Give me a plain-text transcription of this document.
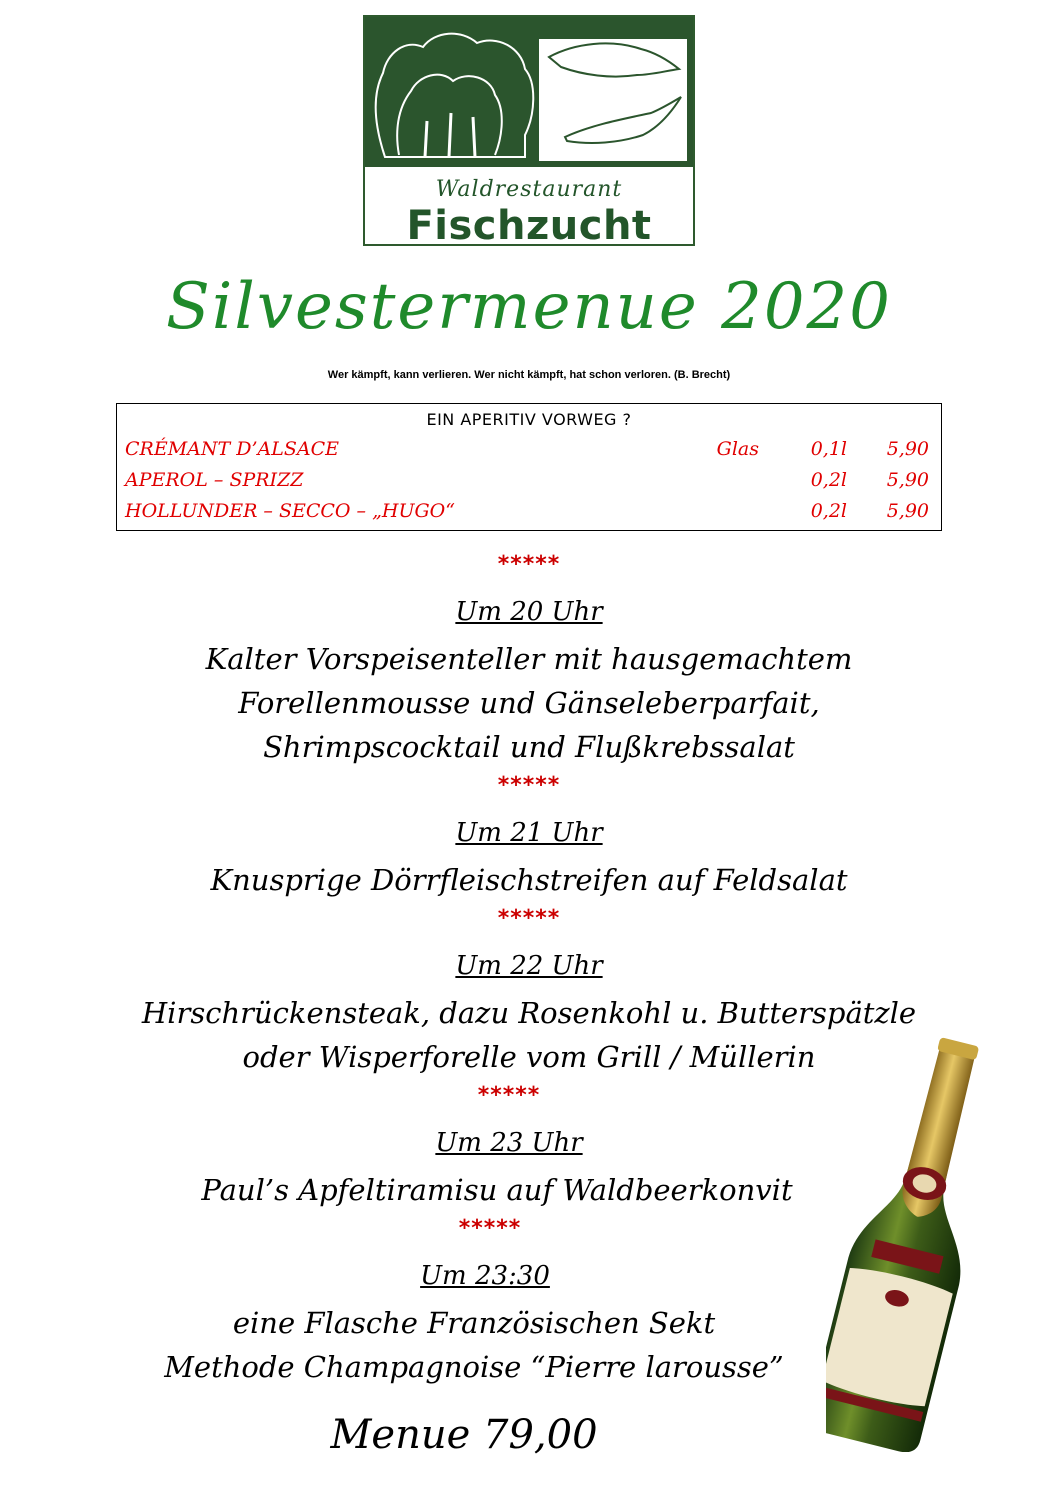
Waldrestaurant
Fischzucht
Silvestermenue 2020
Wer kämpft, kann verlieren. Wer nicht kämpft, hat schon verloren. (B. Brecht)
EIN APERITIV VORWEG ?
CRÉMANT D’ALSACE	Glas	0,1l 5,90
APEROL – SPRIZZ	0,2l 5,90
HOLLUNDER – SECCO – „HUGO“	0,2l 5,90
*****
Um 20 Uhr
Kalter Vorspeisenteller mit hausgemachtem
Forellenmousse und Gänseleberparfait,
Shrimpscocktail und Flußkrebssalat
*****
Um 21 Uhr
Knusprige Dörrfleischstreifen auf Feldsalat
*****
Um 22 Uhr
Hirschrückensteak, dazu Rosenkohl u. Butterspätzle
oder Wisperforelle vom Grill / Müllerin
*****
Um 23 Uhr
Paul’s Apfeltiramisu auf Waldbeerkonvit
*****
Um 23:30
eine Flasche Französischen Sekt
Methode Champagnoise “Pierre larousse”
Menue 79,00
